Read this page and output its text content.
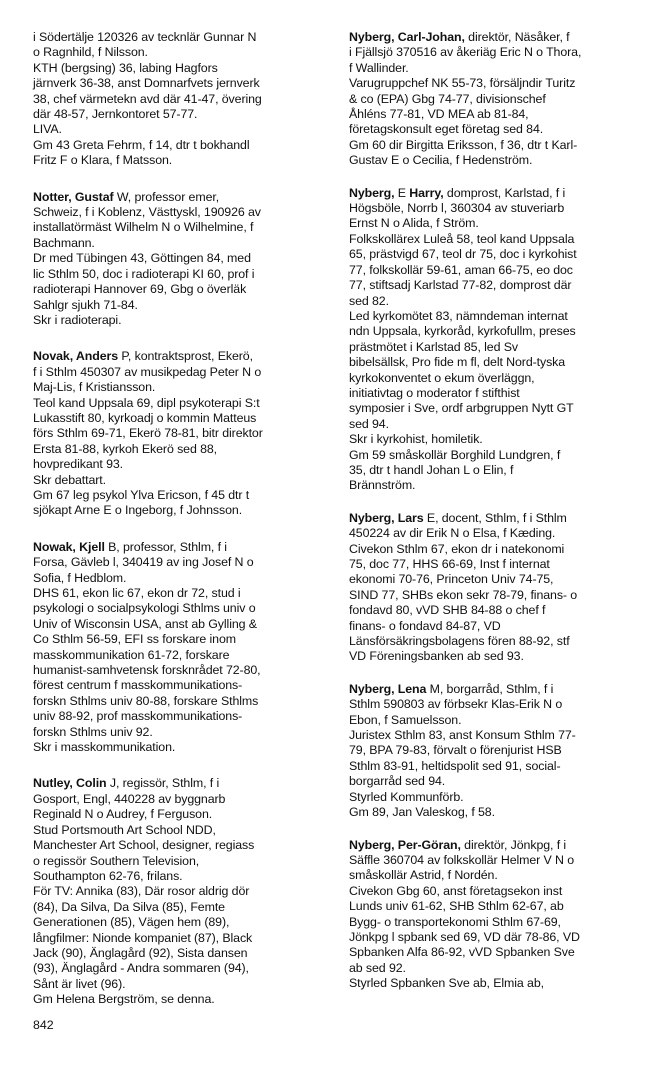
i Södertälje 120326 av tecknlär Gunnar N
o Ragnhild, f Nilsson.
KTH (bergsing) 36, labing Hagfors
järnverk 36-38, anst Domnarfvets jernverk
38, chef värmetekn avd där 41-47, övering
där 48-57, Jernkontoret 57-77.
LIVA.
Gm 43 Greta Fehrm, f 14, dtr t bokhandl
Fritz F o Klara, f Matsson.
Notter, Gustaf W, professor emer,
Schweiz, f i Koblenz, Västtyskl, 190926 av
installatörmäst Wilhelm N o Wilhelmine, f
Bachmann.
Dr med Tübingen 43, Göttingen 84, med
lic Sthlm 50, doc i radioterapi KI 60, prof i
radioterapi Hannover 69, Gbg o överläk
Sahlgr sjukh 71-84.
Skr i radioterapi.
Novak, Anders P, kontraktsprost, Ekerö,
f i Sthlm 450307 av musikpedag Peter N o
Maj-Lis, f Kristiansson.
Teol kand Uppsala 69, dipl psykoterapi S:t
Lukasstift 80, kyrkoadj o kommin Matteus
förs Sthlm 69-71, Ekerö 78-81, bitr direktor
Ersta 81-88, kyrkoh Ekerö sed 88,
hovpredikant 93.
Skr debattart.
Gm 67 leg psykol Ylva Ericson, f 45 dtr t
sjökapt Arne E o Ingeborg, f Johnsson.
Nowak, Kjell B, professor, Sthlm, f i
Forsa, Gävleb l, 340419 av ing Josef N o
Sofia, f Hedblom.
DHS 61, ekon lic 67, ekon dr 72, stud i
psykologi o socialpsykologi Sthlms univ o
Univ of Wisconsin USA, anst ab Gylling &
Co Sthlm 56-59, EFI ss forskare inom
masskommunikation 61-72, forskare
humanist-samhvetensk forsknrådet 72-80,
förest centrum f masskommunikations-
forskn Sthlms univ 80-88, forskare Sthlms
univ 88-92, prof masskommunikations-
forskn Sthlms univ 92.
Skr i masskommunikation.
Nutley, Colin J, regissör, Sthlm, f i
Gosport, Engl, 440228 av byggnarb
Reginald N o Audrey, f Ferguson.
Stud Portsmouth Art School NDD,
Manchester Art School, designer, regiass
o regissör Southern Television,
Southampton 62-76, frilans.
För TV: Annika (83), Där rosor aldrig dör
(84), Da Silva, Da Silva (85), Femte
Generationen (85), Vägen hem (89),
långfilmer: Nionde kompaniet (87), Black
Jack (90), Änglagård (92), Sista dansen
(93), Änglagård - Andra sommaren (94),
Sånt är livet (96).
Gm Helena Bergström, se denna.
Nyberg, Carl-Johan, direktör, Näsåker, f
i Fjällsjö 370516 av åkeriäg Eric N o Thora,
f Wallinder.
Varugruppchef NK 55-73, försäljndir Turitz
& co (EPA) Gbg 74-77, divisionschef
Åhléns 77-81, VD MEA ab 81-84,
företagskonsult eget företag sed 84.
Gm 60 dir Birgitta Eriksson, f 36, dtr t Karl-
Gustav E o Cecilia, f Hedenström.
Nyberg, E Harry, domprost, Karlstad, f i
Högsböle, Norrb l, 360304 av stuveriarb
Ernst N o Alida, f Ström.
Folkskollärex Luleå 58, teol kand Uppsala
65, prästvigd 67, teol dr 75, doc i kyrkohist
77, folkskollär 59-61, aman 66-75, eo doc
77, stiftsadj Karlstad 77-82, domprost där
sed 82.
Led kyrkomötet 83, nämndeman internat
ndn Uppsala, kyrkoråd, kyrkofullm, preses
prästmötet i Karlstad 85, led Sv
bibelsällsk, Pro fide m fl, delt Nord-tyska
kyrkokonventet o ekum överläggn,
initiativtag o moderator f stifthist
symposier i Sve, ordf arbgruppen Nytt GT
sed 94.
Skr i kyrkohist, homiletik.
Gm 59 småskollär Borghild Lundgren, f
35, dtr t handl Johan L o Elin, f
Brännström.
Nyberg, Lars E, docent, Sthlm, f i Sthlm
450224 av dir Erik N o Elsa, f Kæding.
Civekon Sthlm 67, ekon dr i natekonomi
75, doc 77, HHS 66-69, Inst f internat
ekonomi 70-76, Princeton Univ 74-75,
SIND 77, SHBs ekon sekr 78-79, finans- o
fondavd 80, vVD SHB 84-88 o chef f
finans- o fondavd 84-87, VD
Länsförsäkringsbolagens fören 88-92, stf
VD Föreningsbanken ab sed 93.
Nyberg, Lena M, borgarråd, Sthlm, f i
Sthlm 590803 av förbsekr Klas-Erik N o
Ebon, f Samuelsson.
Juristex Sthlm 83, anst Konsum Sthlm 77-
79, BPA 79-83, förvalt o förenjurist HSB
Sthlm 83-91, heltidspolit sed 91, social-
borgarråd sed 94.
Styrled Kommunförb.
Gm 89, Jan Valeskog, f 58.
Nyberg, Per-Göran, direktör, Jönkpg, f i
Säffle 360704 av folkskollär Helmer V N o
småskollär Astrid, f Nordén.
Civekon Gbg 60, anst företagsekon inst
Lunds univ 61-62, SHB Sthlm 62-67, ab
Bygg- o transportekonomi Sthlm 67-69,
Jönkpg l spbank sed 69, VD där 78-86, VD
Spbanken Alfa 86-92, vVD Spbanken Sve
ab sed 92.
Styrled Spbanken Sve ab, Elmia ab,
842
